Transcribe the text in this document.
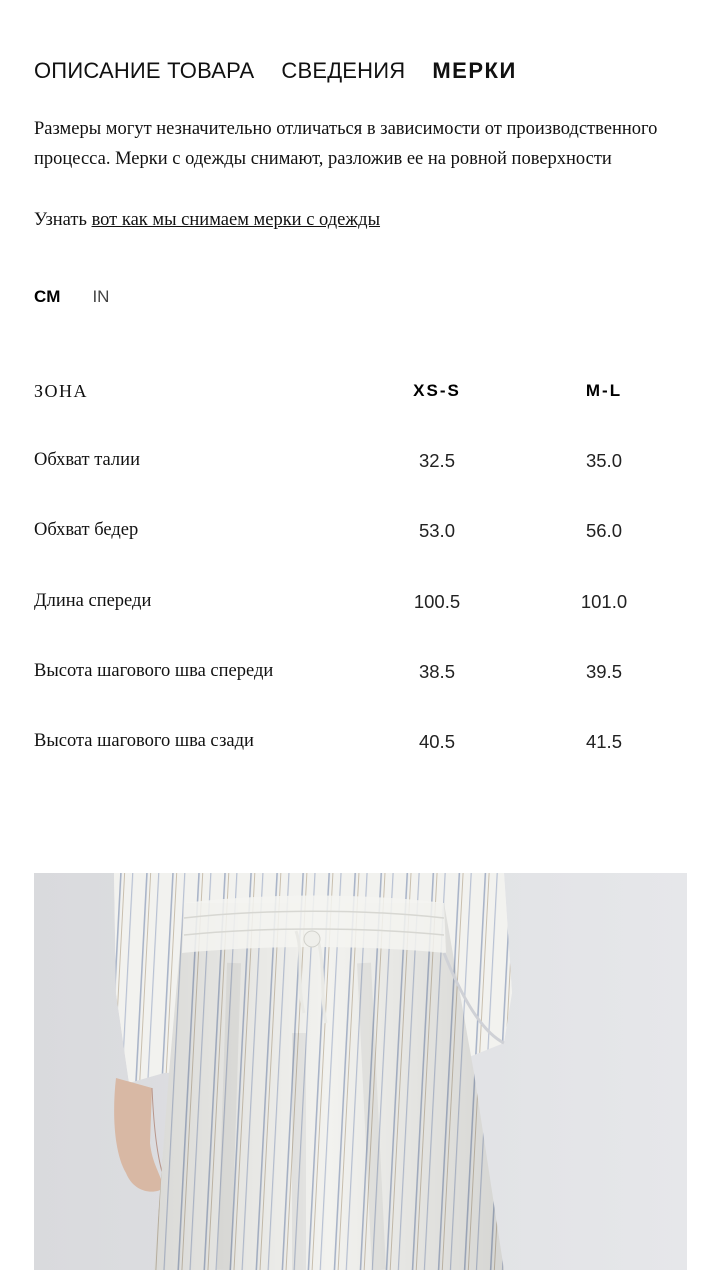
ОПИСАНИЕ ТОВАРА СВЕДЕНИЯ МЕРКИ
Размеры могут незначительно отличаться в зависимости от производственного процесса. Мерки с одежды снимают, разложив ее на ровной поверхности
Узнать вот как мы снимаем мерки с одежды
CM IN
ЗОНА	XS-S	M-L
Обхват талии	32.5	35.0
Обхват бедер	53.0	56.0
Длина спереди	100.5	101.0
Высота шагового шва спереди	38.5	39.5
Высота шагового шва сзади	40.5	41.5
